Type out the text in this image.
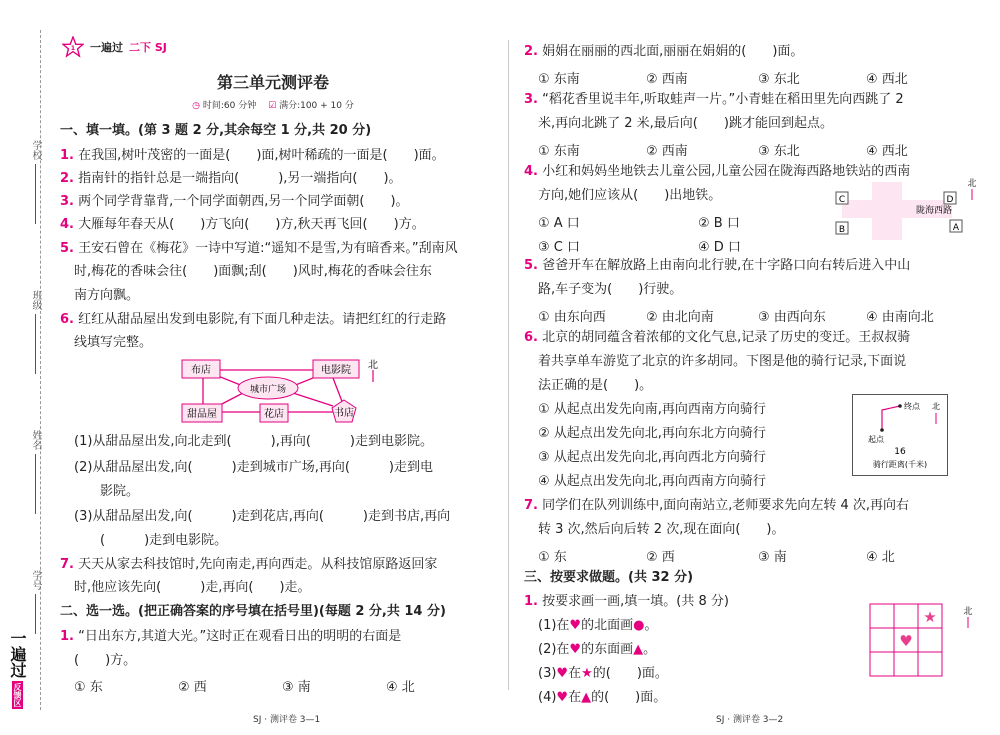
学校
班级
姓名
学号
一遍过反馈区
1 一遍过 二下 SJ
第三单元测评卷
◷ 时间:60 分钟　 ☑ 满分:100 + 10 分
一、填一填。(第 3 题 2 分,其余每空 1 分,共 20 分)
1. 在我国,树叶茂密的一面是(　　)面,树叶稀疏的一面是(　　)面。
2. 指南针的指针总是一端指向(　　　),另一端指向(　　)。
3. 两个同学背靠背,一个同学面朝西,另一个同学面朝(　　)。
4. 大雁每年春天从(　　)方飞向(　　)方,秋天再飞回(　　)方。
5. 王安石曾在《梅花》一诗中写道:“遥知不是雪,为有暗香来。”刮南风
时,梅花的香味会往(　　)面飘;刮(　　)风时,梅花的香味会往东
南方向飘。
6. 红红从甜品屋出发到电影院,有下面几种走法。请把红红的行走路
线填写完整。
布店
城市广场
电影院 北
甜品屋	花店	书店
(1)从甜品屋出发,向北走到(　　　),再向(　　　)走到电影院。
(2)从甜品屋出发,向(　　　)走到城市广场,再向(　　　)走到电
影院。
(3)从甜品屋出发,向(　　　)走到花店,再向(　　　)走到书店,再向
(　　　)走到电影院。
7. 天天从家去科技馆时,先向南走,再向西走。从科技馆原路返回家
时,他应该先向(　　　)走,再向(　　)走。
二、选一选。(把正确答案的序号填在括号里)(每题 2 分,共 14 分)
1. “日出东方,其道大光。”这时正在观看日出的明明的右面是
(　　)方。
① 东	② 西	③ 南	④ 北
SJ · 测评卷 3—1
2. 娟娟在丽丽的西北面,丽丽在娟娟的(　　)面。
① 东南	② 西南	③ 东北	④ 西北
3. “稻花香里说丰年,听取蛙声一片。”小青蛙在稻田里先向西跳了 2
米,再向北跳了 2 米,最后向(　　)跳才能回到起点。
① 东南	② 西南	③ 东北	④ 西北
4. 小红和妈妈坐地铁去儿童公园,儿童公园在陇海西路地铁站的西南
方向,她们应该从(　　)出地铁。
① A 口	② B 口
③ C 口	④ D 口
北
C	D
B	A
陇海西路
5. 爸爸开车在解放路上由南向北行驶,在十字路口向右转后进入中山
路,车子变为(　　)行驶。
① 由东向西	② 由北向南	③ 由西向东	④ 由南向北
6. 北京的胡同蕴含着浓郁的文化气息,记录了历史的变迁。王叔叔骑
着共享单车游览了北京的许多胡同。下图是他的骑行记录,下面说
法正确的是(　　)。
① 从起点出发先向南,再向西南方向骑行
② 从起点出发先向北,再向东北方向骑行
③ 从起点出发先向北,再向西北方向骑行
④ 从起点出发先向北,再向西南方向骑行
终点 北
起点
16
骑行距离(千米)
7. 同学们在队列训练中,面向南站立,老师要求先向左转 4 次,再向右
转 3 次,然后向后转 2 次,现在面向(　　)。
① 东	② 西	③ 南	④ 北
三、按要求做题。(共 32 分)
1. 按要求画一画,填一填。(共 8 分)
(1)在♥的北面画●。
(2)在♥的东面画▲。
(3)♥在★的(　　)面。
(4)♥在▲的(　　)面。
★
♥
北
SJ · 测评卷 3—2
